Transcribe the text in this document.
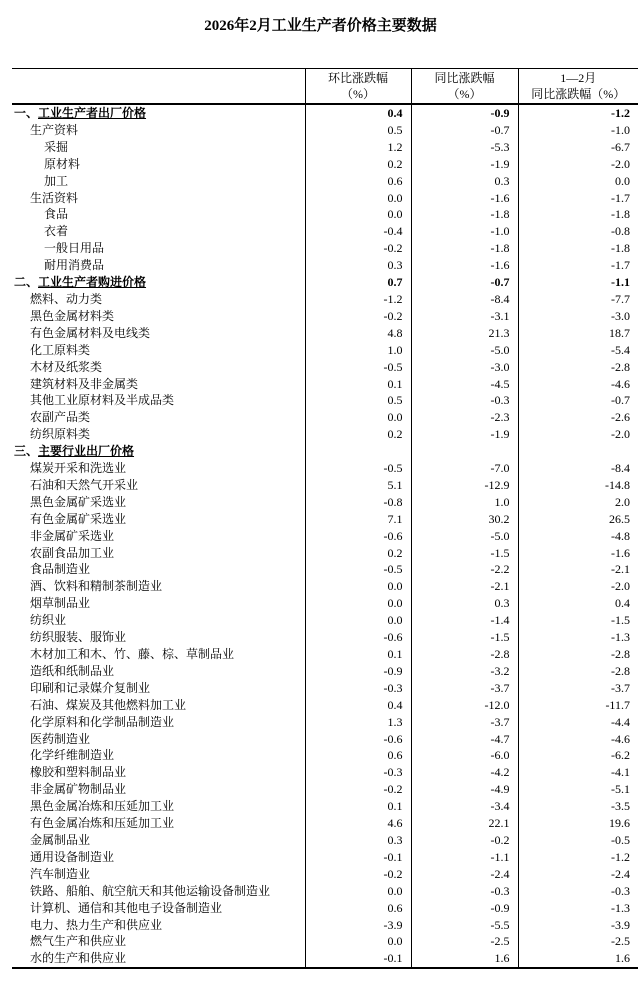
2026年2月工业生产者价格主要数据

	环比涨跌幅
（%）	同比涨跌幅
（%）	1—2月
同比涨跌幅（%）

一、工业生产者出厂价格	0.4	-0.9	-1.2
生产资料	0.5	-0.7	-1.0
采掘	1.2	-5.3	-6.7
原材料	0.2	-1.9	-2.0
加工	0.6	0.3	0.0
生活资料	0.0	-1.6	-1.7
食品	0.0	-1.8	-1.8
衣着	-0.4	-1.0	-0.8
一般日用品	-0.2	-1.8	-1.8
耐用消费品	0.3	-1.6	-1.7
二、工业生产者购进价格	0.7	-0.7	-1.1
燃料、动力类	-1.2	-8.4	-7.7
黑色金属材料类	-0.2	-3.1	-3.0
有色金属材料及电线类	4.8	21.3	18.7
化工原料类	1.0	-5.0	-5.4
木材及纸浆类	-0.5	-3.0	-2.8
建筑材料及非金属类	0.1	-4.5	-4.6
其他工业原材料及半成品类	0.5	-0.3	-0.7
农副产品类	0.0	-2.3	-2.6
纺织原料类	0.2	-1.9	-2.0
三、主要行业出厂价格			
煤炭开采和洗选业	-0.5	-7.0	-8.4
石油和天然气开采业	5.1	-12.9	-14.8
黑色金属矿采选业	-0.8	1.0	2.0
有色金属矿采选业	7.1	30.2	26.5
非金属矿采选业	-0.6	-5.0	-4.8
农副食品加工业	0.2	-1.5	-1.6
食品制造业	-0.5	-2.2	-2.1
酒、饮料和精制茶制造业	0.0	-2.1	-2.0
烟草制品业	0.0	0.3	0.4
纺织业	0.0	-1.4	-1.5
纺织服装、服饰业	-0.6	-1.5	-1.3
木材加工和木、竹、藤、棕、草制品业	0.1	-2.8	-2.8
造纸和纸制品业	-0.9	-3.2	-2.8
印刷和记录媒介复制业	-0.3	-3.7	-3.7
石油、煤炭及其他燃料加工业	0.4	-12.0	-11.7
化学原料和化学制品制造业	1.3	-3.7	-4.4
医药制造业	-0.6	-4.7	-4.6
化学纤维制造业	0.6	-6.0	-6.2
橡胶和塑料制品业	-0.3	-4.2	-4.1
非金属矿物制品业	-0.2	-4.9	-5.1
黑色金属冶炼和压延加工业	0.1	-3.4	-3.5
有色金属冶炼和压延加工业	4.6	22.1	19.6
金属制品业	0.3	-0.2	-0.5
通用设备制造业	-0.1	-1.1	-1.2
汽车制造业	-0.2	-2.4	-2.4
铁路、船舶、航空航天和其他运输设备制造业	0.0	-0.3	-0.3
计算机、通信和其他电子设备制造业	0.6	-0.9	-1.3
电力、热力生产和供应业	-3.9	-5.5	-3.9
燃气生产和供应业	0.0	-2.5	-2.5
水的生产和供应业	-0.1	1.6	1.6
